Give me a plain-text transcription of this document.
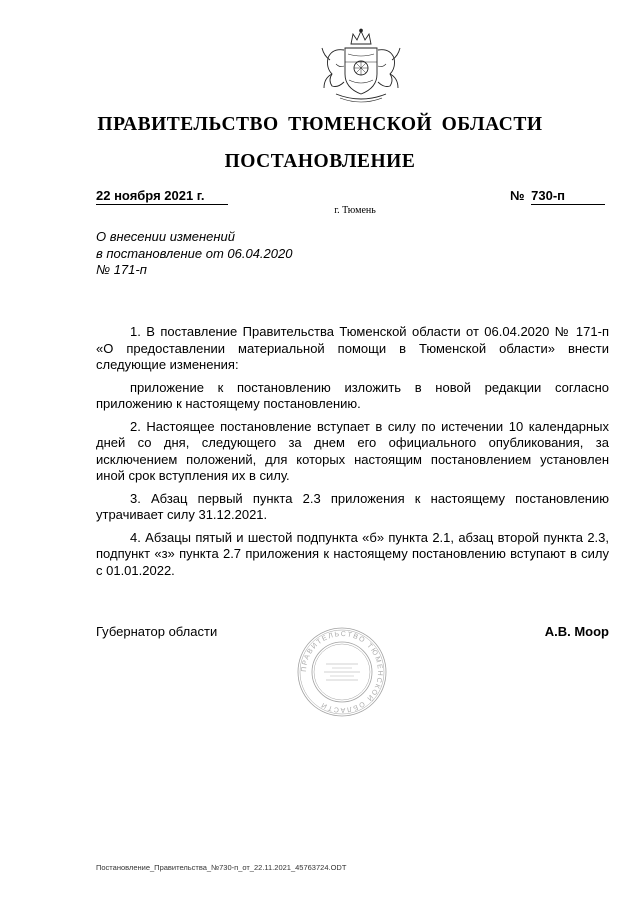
ПРАВИТЕЛЬСТВО ТЮМЕНСКОЙ ОБЛАСТИ
ПОСТАНОВЛЕНИЕ
22 ноября 2021 г.	№ 730-п
г. Тюмень
О внесении изменений
в постановление от 06.04.2020
№ 171-п

1. В поставление Правительства Тюменской области от 06.04.2020 № 171-п «О предоставлении материальной помощи в Тюменской области» внести следующие изменения:

приложение к постановлению изложить в новой редакции согласно приложению к настоящему постановлению.

2. Настоящее постановление вступает в силу по истечении 10 календарных дней со дня, следующего за днем его официального опубликования, за исключением положений, для которых настоящим постановлением установлен иной срок вступления их в силу.

3. Абзац первый пункта 2.3 приложения к настоящему постановлению утрачивает силу 31.12.2021.

4. Абзацы пятый и шестой подпункта «б» пункта 2.1, абзац второй пункта 2.3, подпункт «з» пункта 2.7 приложения к настоящему постановлению вступают в силу с 01.01.2022.

Губернатор области	А.В. Моор
ПРАВИТЕЛЬСТВО ТЮМЕНСКОЙ ОБЛАСТИ
Постановление_Правительства_№730-п_от_22.11.2021_45763724.ODT
